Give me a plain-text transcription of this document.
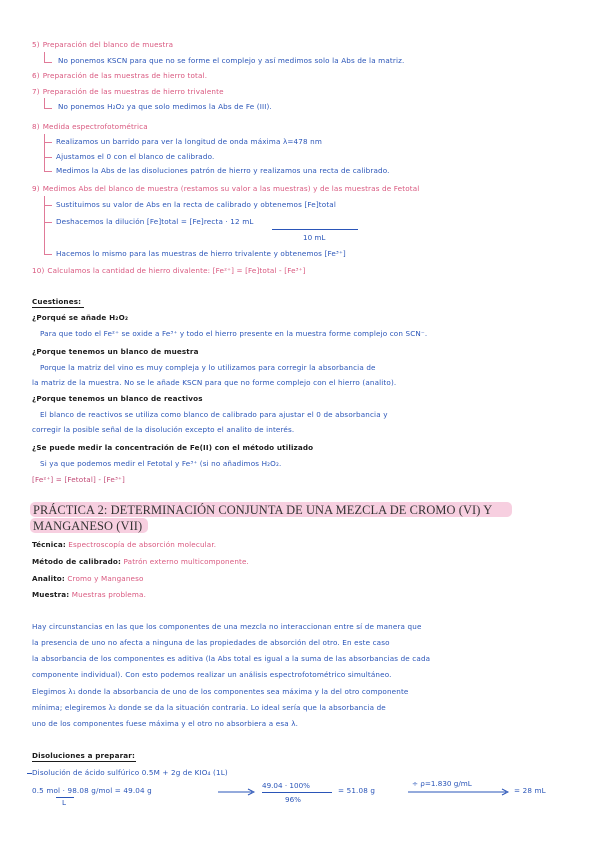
5) Preparación del blanco de muestra
No ponemos KSCN para que no se forme el complejo y así medimos solo la Abs de la matriz.
6) Preparación de las muestras de hierro total.
7) Preparación de las muestras de hierro trivalente
No ponemos H₂O₂ ya que solo medimos la Abs de Fe (III).
8) Medida espectrofotométrica
Realizamos un barrido para ver la longitud de onda máxima λ=478 nm
Ajustamos el 0 con el blanco de calibrado.
Medimos la Abs de las disoluciones patrón de hierro y realizamos una recta de calibrado.
9) Medimos Abs del blanco de muestra (restamos su valor a las muestras) y de las muestras de Fetotal
Sustituimos su valor de Abs en la recta de calibrado y obtenemos [Fe]total
Deshacemos la dilución [Fe]total = [Fe]recta · 12 mL
10 mL
Hacemos lo mismo para las muestras de hierro trivalente y obtenemos [Fe³⁺]
10) Calculamos la cantidad de hierro divalente: [Fe²⁺] = [Fe]total - [Fe³⁺]
Cuestiones:
¿Porqué se añade H₂O₂
Para que todo el Fe²⁺ se oxide a Fe³⁺ y todo el hierro presente en la muestra forme complejo con SCN⁻.
¿Porque tenemos un blanco de muestra
Porque la matriz del vino es muy compleja y lo utilizamos para corregir la absorbancia de
la matriz de la muestra. No se le añade KSCN para que no forme complejo con el hierro (analito).
¿Porque tenemos un blanco de reactivos
El blanco de reactivos se utiliza como blanco de calibrado para ajustar el 0 de absorbancia y
corregir la posible señal de la disolución excepto el analito de interés.
¿Se puede medir la concentración de Fe(II) con el método utilizado
Si ya que podemos medir el Fetotal y Fe³⁺ (si no añadimos H₂O₂.
[Fe²⁺] = [Fetotal] - [Fe³⁺]
PRÁCTICA 2: DETERMINACIÓN CONJUNTA DE UNA MEZCLA DE CROMO (VI) Y
MANGANESO (VII)
Técnica: Espectroscopía de absorción molecular.
Método de calibrado: Patrón externo multicomponente.
Analito: Cromo y Manganeso
Muestra: Muestras problema.
Hay circunstancias en las que los componentes de una mezcla no interaccionan entre sí de manera que
la presencia de uno no afecta a ninguna de las propiedades de absorción del otro. En este caso
la absorbancia de los componentes es aditiva (la Abs total es igual a la suma de las absorbancias de cada
componente individual). Con esto podemos realizar un análisis espectrofotométrico simultáneo.
Elegimos λ₁ donde la absorbancia de uno de los componentes sea máxima y la del otro componente
mínima; elegiremos λ₂ donde se da la situación contraria. Lo ideal sería que la absorbancia de
uno de los componentes fuese máxima y el otro no absorbiera a esa λ.
Disoluciones a preparar:
Disolución de ácido sulfúrico 0.5M + 2g de KIO₄ (1L)
0.5 mol · 98.08 g/mol = 49.04 g
L
49.04 · 100%
96%
= 51.08 g
÷ ρ=1.830 g/mL
= 28 mL
